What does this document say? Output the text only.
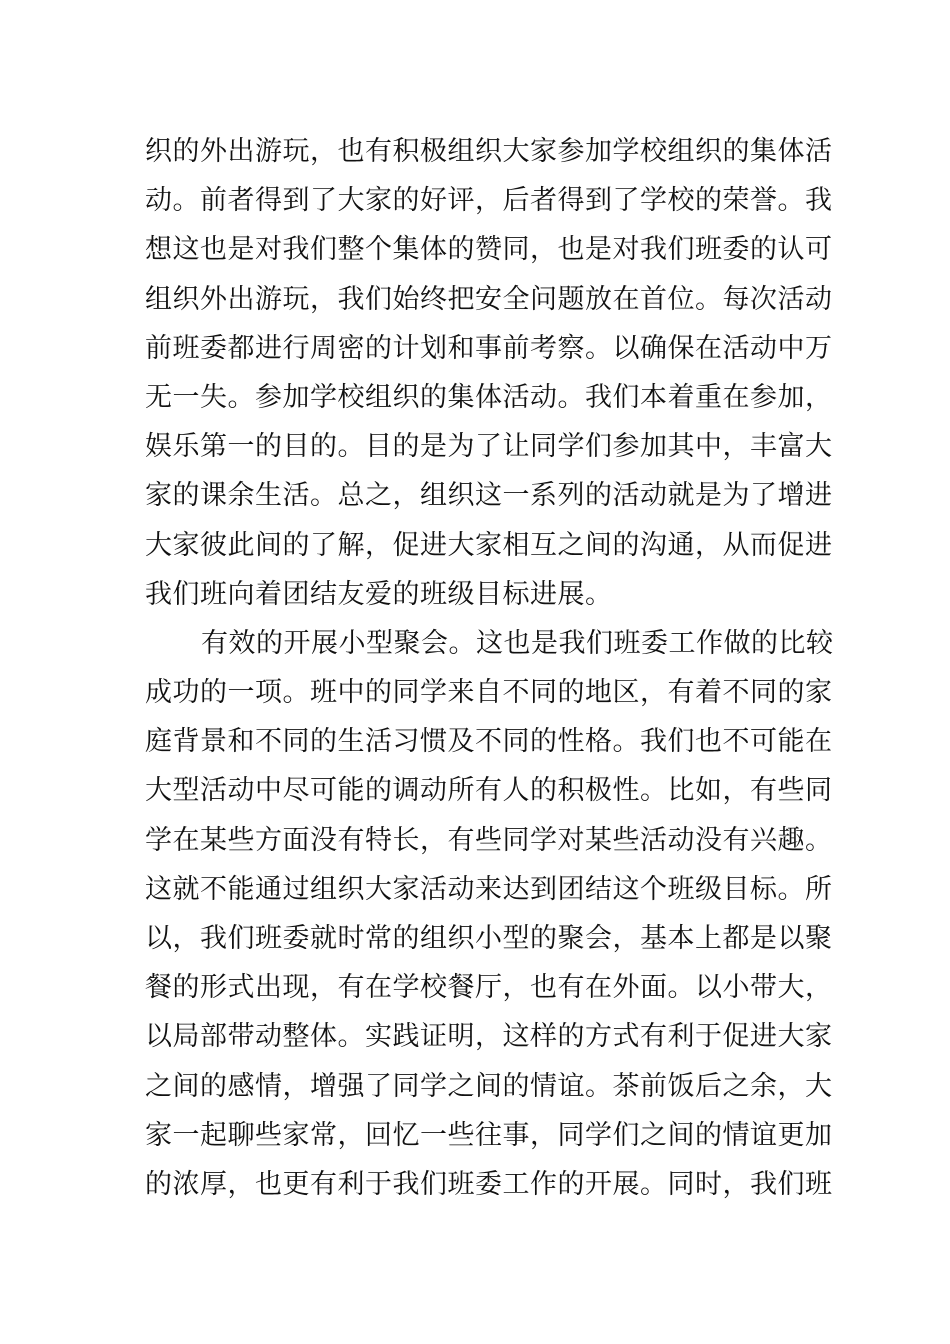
织的外出游玩，也有积极组织大家参加学校组织的集体活
动。前者得到了大家的好评，后者得到了学校的荣誉。我
想这也是对我们整个集体的赞同，也是对我们班委的认可
组织外出游玩，我们始终把安全问题放在首位。每次活动
前班委都进行周密的计划和事前考察。以确保在活动中万
无一失。参加学校组织的集体活动。我们本着重在参加，
娱乐第一的目的。目的是为了让同学们参加其中，丰富大
家的课余生活。总之，组织这一系列的活动就是为了增进
大家彼此间的了解，促进大家相互之间的沟通，从而促进
我们班向着团结友爱的班级目标进展。
有效的开展小型聚会。这也是我们班委工作做的比较
成功的一项。班中的同学来自不同的地区，有着不同的家
庭背景和不同的生活习惯及不同的性格。我们也不可能在
大型活动中尽可能的调动所有人的积极性。比如，有些同
学在某些方面没有特长，有些同学对某些活动没有兴趣。
这就不能通过组织大家活动来达到团结这个班级目标。所
以，我们班委就时常的组织小型的聚会，基本上都是以聚
餐的形式出现，有在学校餐厅，也有在外面。以小带大，
以局部带动整体。实践证明，这样的方式有利于促进大家
之间的感情，增强了同学之间的情谊。茶前饭后之余，大
家一起聊些家常，回忆一些往事，同学们之间的情谊更加
的浓厚，也更有利于我们班委工作的开展。同时，我们班
